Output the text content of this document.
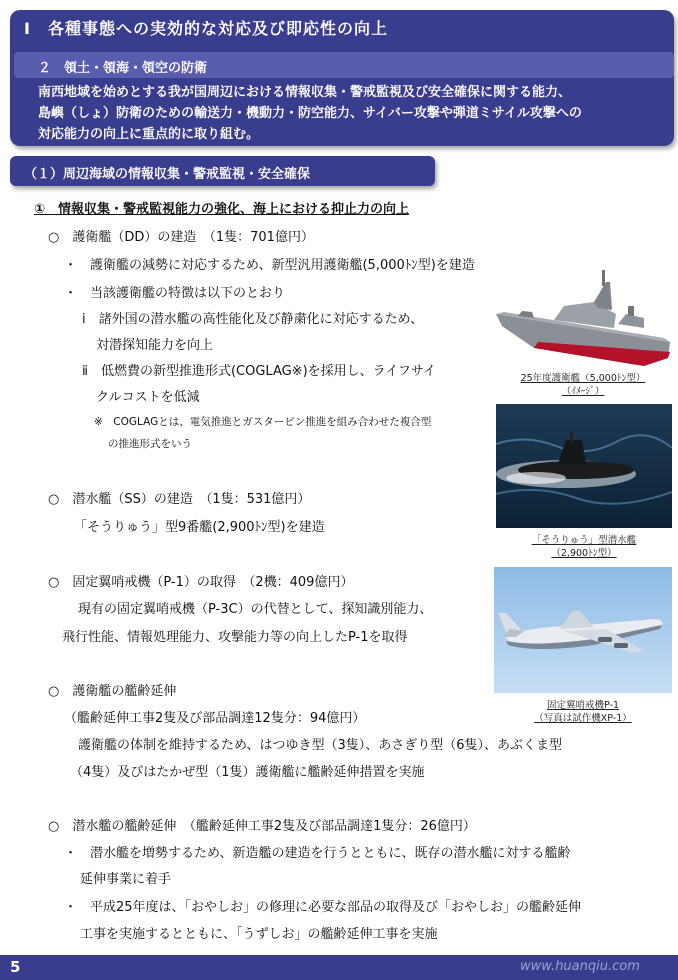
Ⅰ　各種事態への実効的な対応及び即応性の向上
２　領土・領海・領空の防衛
南西地域を始めとする我が国周辺における情報収集・警戒監視及び安全確保に関する能力、
島嶼（しょ）防衛のための輸送力・機動力・防空能力、サイバー攻撃や弾道ミサイル攻撃への
対応能力の向上に重点的に取り組む。
（１）周辺海域の情報収集・警戒監視・安全確保
①　情報収集・警戒監視能力の強化、海上における抑止力の向上
○　護衛艦（DD）の建造　（1隻：701億円）
・　護衛艦の減勢に対応するため、新型汎用護衛艦(5,000ﾄﾝ型)を建造
・　当該護衛艦の特徴は以下のとおり
ⅰ　諸外国の潜水艦の高性能化及び静粛化に対応するため、
対潜探知能力を向上
ⅱ　低燃費の新型推進形式(COGLAG※)を採用し、ライフサイ
クルコストを低減
※　COGLAGとは、電気推進とガスタービン推進を組み合わせた複合型
の推進形式をいう
○　潜水艦（SS）の建造　（1隻：531億円）
「そうりゅう」型9番艦(2,900ﾄﾝ型)を建造
○　固定翼哨戒機（P-1）の取得　（2機：409億円）
現有の固定翼哨戒機（P-3C）の代替として、探知識別能力、
飛行性能、情報処理能力、攻撃能力等の向上したP-1を取得
○　護衛艦の艦齢延伸
（艦齢延伸工事2隻及び部品調達12隻分：94億円）
護衛艦の体制を維持するため、はつゆき型（3隻）、あさぎり型（6隻）、あぶくま型
（4隻）及びはたかぜ型（1隻）護衛艦に艦齢延伸措置を実施
○　潜水艦の艦齢延伸　（艦齢延伸工事2隻及び部品調達1隻分：26億円）
・　潜水艦を増勢するため、新造艦の建造を行うとともに、既存の潜水艦に対する艦齢
延伸事業に着手
・　平成25年度は、「おやしお」の修理に必要な部品の取得及び「おやしお」の艦齢延伸
工事を実施するとともに、「うずしお」の艦齢延伸工事を実施
25年度護衛艦（5,000ﾄﾝ型）
（ｲﾒｰｼﾞ）
「そうりゅう」型潜水艦
（2,900ﾄﾝ型）
固定翼哨戒機P-1
（写真は試作機XP-1）
5	www.huanqiu.com
